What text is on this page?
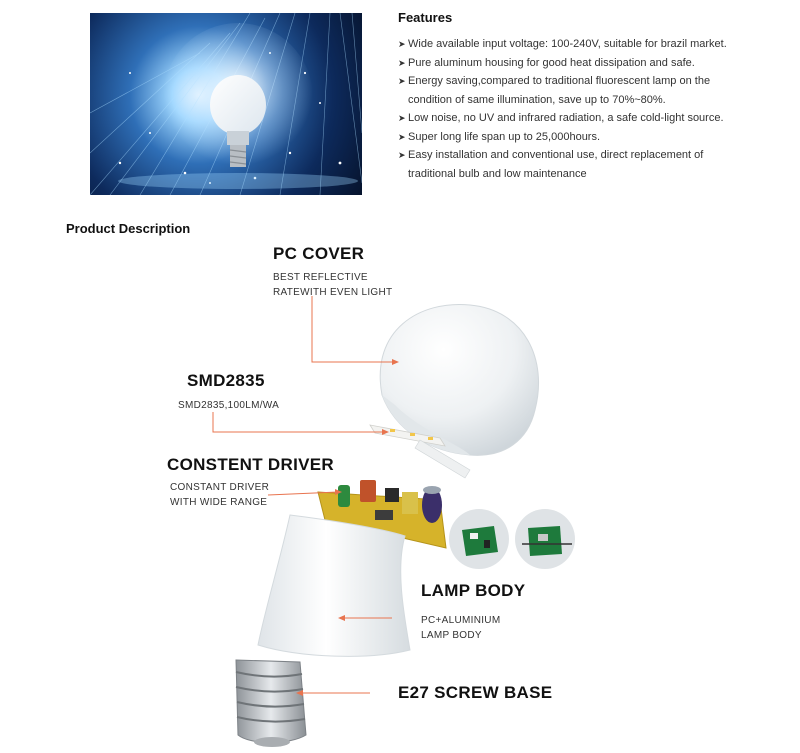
Features
➤ Wide available input voltage: 100-240V, suitable for brazil market.
➤ Pure aluminum housing for good heat dissipation and safe.
➤ Energy saving,compared to traditional fluorescent lamp on the
condition of same illumination, save up to 70%~80%.
➤ Low noise, no UV and infrared radiation, a safe cold-light source.
➤ Super long life span up to 25,000hours.
➤ Easy installation and conventional use, direct replacement of
traditional bulb and low maintenance
Product Description
PC COVER
BEST REFLECTIVE
RATEWITH EVEN LIGHT
SMD2835
SMD2835,100LM/WA
CONSTENT DRIVER
CONSTANT DRIVER
WITH WIDE RANGE
LAMP BODY
PC+ALUMINIUM
LAMP BODY
E27 SCREW BASE
